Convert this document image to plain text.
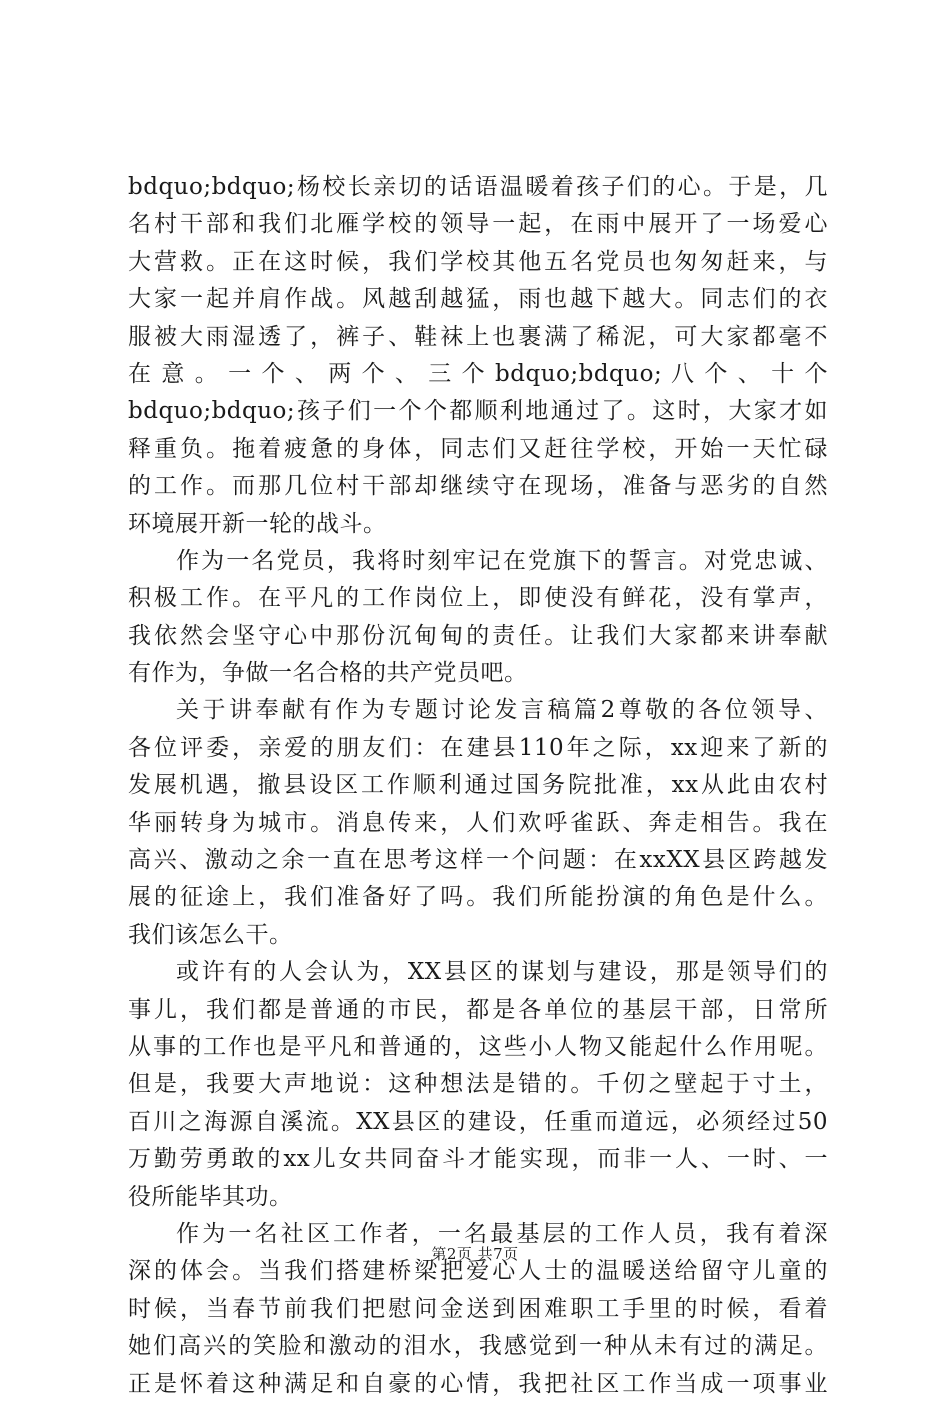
bdquo;bdquo;杨校长亲切的话语温暖着孩子们的心。于是，几
名村干部和我们北雁学校的领导一起，在雨中展开了一场爱心
大营救。正在这时候，我们学校其他五名党员也匆匆赶来，与
大家一起并肩作战。风越刮越猛，雨也越下越大。同志们的衣
服被大雨湿透了，裤子、鞋袜上也裹满了稀泥，可大家都毫不
在 意 。 一 个 、 两 个 、 三 个 bdquo;bdquo; 八 个 、 十 个
bdquo;bdquo;孩子们一个个都顺利地通过了。这时，大家才如
释重负。拖着疲惫的身体，同志们又赶往学校，开始一天忙碌
的工作。而那几位村干部却继续守在现场，准备与恶劣的自然
环境展开新一轮的战斗。
作为一名党员，我将时刻牢记在党旗下的誓言。对党忠诚、
积极工作。在平凡的工作岗位上，即使没有鲜花，没有掌声，
我依然会坚守心中那份沉甸甸的责任。让我们大家都来讲奉献
有作为，争做一名合格的共产党员吧。
关于讲奉献有作为专题讨论发言稿篇2尊敬的各位领导、
各位评委，亲爱的朋友们：在建县110年之际，xx迎来了新的
发展机遇，撤县设区工作顺利通过国务院批准，xx从此由农村
华丽转身为城市。消息传来，人们欢呼雀跃、奔走相告。我在
高兴、激动之余一直在思考这样一个问题：在xxXX县区跨越发
展的征途上，我们准备好了吗。我们所能扮演的角色是什么。
我们该怎么干。
或许有的人会认为，XX县区的谋划与建设，那是领导们的
事儿，我们都是普通的市民，都是各单位的基层干部，日常所
从事的工作也是平凡和普通的，这些小人物又能起什么作用呢。
但是，我要大声地说：这种想法是错的。千仞之壁起于寸土，
百川之海源自溪流。XX县区的建设，任重而道远，必须经过50
万勤劳勇敢的xx儿女共同奋斗才能实现，而非一人、一时、一
役所能毕其功。
作为一名社区工作者，一名最基层的工作人员，我有着深
深的体会。当我们搭建桥梁把爱心人士的温暖送给留守儿童的
时候，当春节前我们把慰问金送到困难职工手里的时候，看着
她们高兴的笑脸和激动的泪水，我感觉到一种从未有过的满足。
正是怀着这种满足和自豪的心情，我把社区工作当成一项事业
第2页 共7页
